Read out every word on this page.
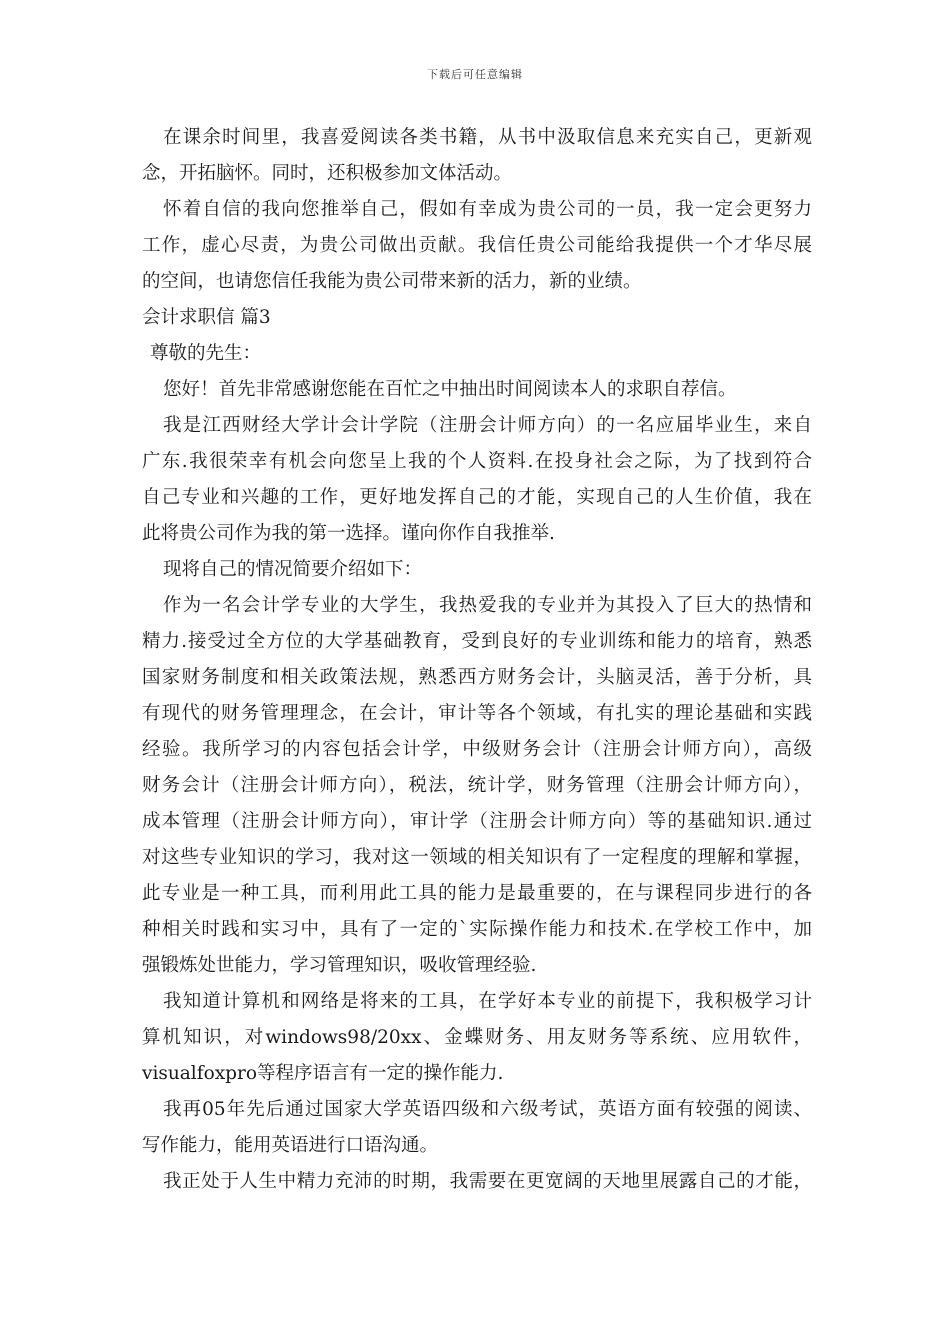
下载后可任意编辑
在课余时间里，我喜爱阅读各类书籍，从书中汲取信息来充实自己，更新观
念，开拓脑怀。同时，还积极参加文体活动。
怀着自信的我向您推举自己，假如有幸成为贵公司的一员，我一定会更努力
工作，虚心尽责，为贵公司做出贡献。我信任贵公司能给我提供一个才华尽展
的空间，也请您信任我能为贵公司带来新的活力，新的业绩。
会计求职信 篇3
尊敬的先生：
您好！首先非常感谢您能在百忙之中抽出时间阅读本人的求职自荐信。
我是江西财经大学计会计学院（注册会计师方向）的一名应届毕业生，来自
广东.我很荣幸有机会向您呈上我的个人资料.在投身社会之际，为了找到符合
自己专业和兴趣的工作，更好地发挥自己的才能，实现自己的人生价值，我在
此将贵公司作为我的第一选择。谨向你作自我推举.
现将自己的情况简要介绍如下：
作为一名会计学专业的大学生，我热爱我的专业并为其投入了巨大的热情和
精力.接受过全方位的大学基础教育，受到良好的专业训练和能力的培育，熟悉
国家财务制度和相关政策法规，熟悉西方财务会计，头脑灵活，善于分析，具
有现代的财务管理理念，在会计，审计等各个领域，有扎实的理论基础和实践
经验。我所学习的内容包括会计学，中级财务会计（注册会计师方向），高级
财务会计（注册会计师方向），税法，统计学，财务管理（注册会计师方向），
成本管理（注册会计师方向），审计学（注册会计师方向）等的基础知识.通过
对这些专业知识的学习，我对这一领域的相关知识有了一定程度的理解和掌握，
此专业是一种工具，而利用此工具的能力是最重要的，在与课程同步进行的各
种相关时践和实习中，具有了一定的`实际操作能力和技术.在学校工作中，加
强锻炼处世能力，学习管理知识，吸收管理经验.
我知道计算机和网络是将来的工具，在学好本专业的前提下，我积极学习计
算机知识，对windows98/20xx、金蝶财务、用友财务等系统、应用软件，
visualfoxpro等程序语言有一定的操作能力.
我再05年先后通过国家大学英语四级和六级考试，英语方面有较强的阅读、
写作能力，能用英语进行口语沟通。
我正处于人生中精力充沛的时期，我需要在更宽阔的天地里展露自己的才能，
